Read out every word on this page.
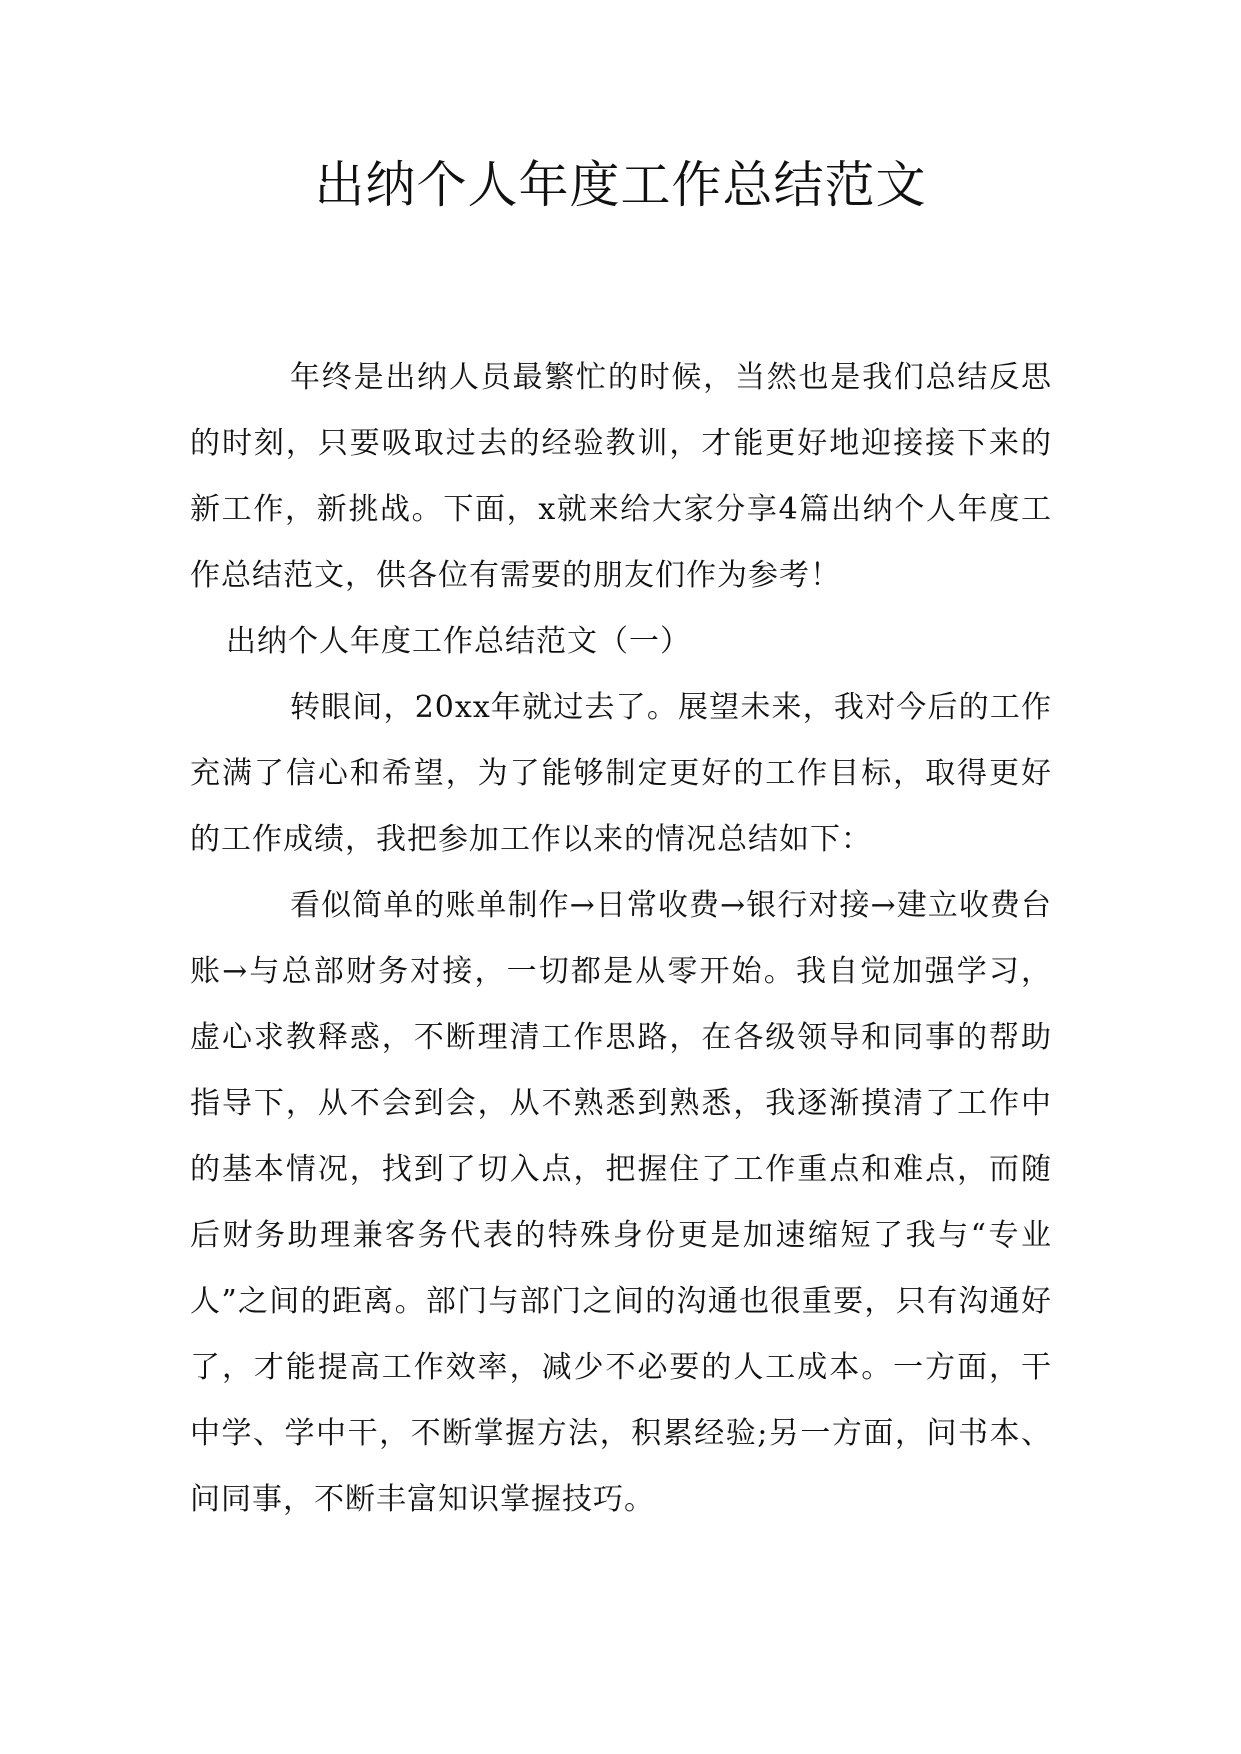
出纳个人年度工作总结范文

年终是出纳人员最繁忙的时候，当然也是我们总结反思的时刻，只要吸取过去的经验教训，才能更好地迎接接下来的新工作，新挑战。下面，x就来给大家分享4篇出纳个人年度工作总结范文，供各位有需要的朋友们作为参考！

出纳个人年度工作总结范文（一）

转眼间，20xx年就过去了。展望未来，我对今后的工作充满了信心和希望，为了能够制定更好的工作目标，取得更好的工作成绩，我把参加工作以来的情况总结如下：

看似简单的账单制作→日常收费→银行对接→建立收费台账→与总部财务对接，一切都是从零开始。我自觉加强学习，虚心求教释惑，不断理清工作思路，在各级领导和同事的帮助指导下，从不会到会，从不熟悉到熟悉，我逐渐摸清了工作中的基本情况，找到了切入点，把握住了工作重点和难点，而随后财务助理兼客务代表的特殊身份更是加速缩短了我与“专业人”之间的距离。部门与部门之间的沟通也很重要，只有沟通好了，才能提高工作效率，减少不必要的人工成本。一方面，干中学、学中干，不断掌握方法，积累经验;另一方面，问书本、问同事，不断丰富知识掌握技巧。
